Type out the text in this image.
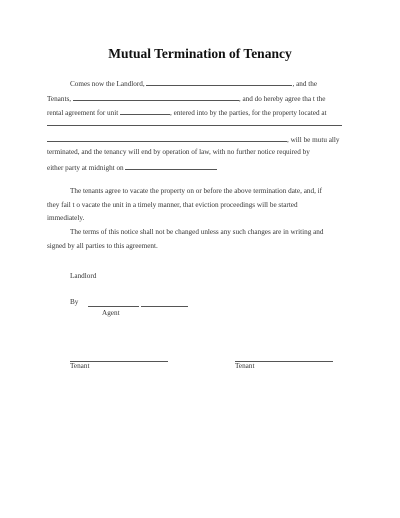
Mutual Termination of Tenancy
Comes now the Landlord,	, and the
Tenants,	, and do hereby agree tha t the
rental agreement for unit	, entered into by the parties, for the property located at
, will be mutu ally
terminated, and the tenancy will end by operation of law, with no further notice required by
either party at midnight on
The tenants agree to vacate the property on or before the above termination date, and, if
they fail t o vacate the unit in a timely manner, that eviction proceedings will be started
immediately.
The terms of this notice shall not be changed unless any such changes are in writing and
signed by all parties to this agreement.
Landlord
By
Agent
Tenant	Tenant
